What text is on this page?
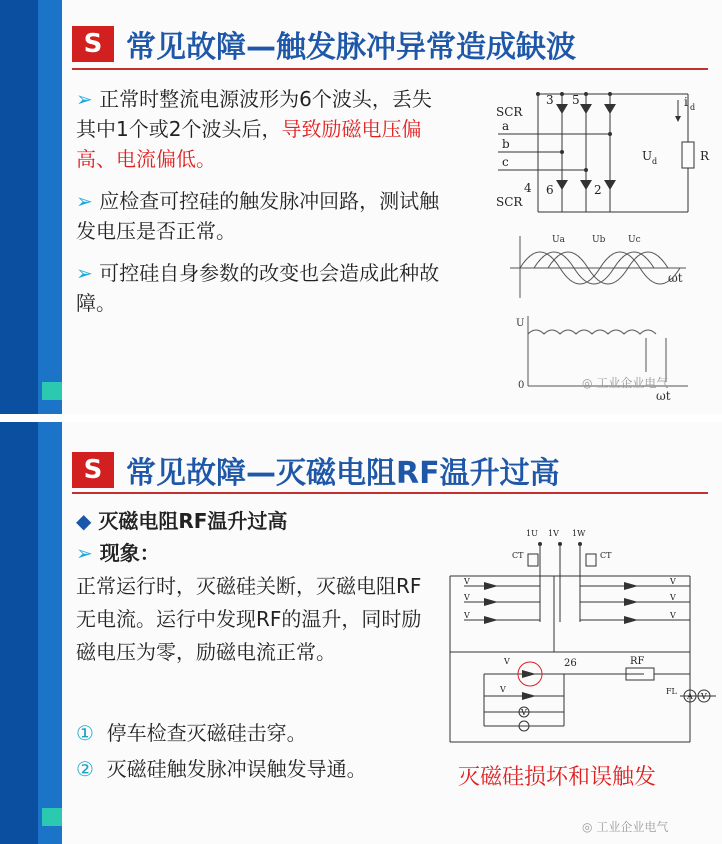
S 常见故障—触发脉冲异常造成缺波
➢ 正常时整流电源波形为6个波头，丢失其中1个或2个波头后，导致励磁电压偏高、电流偏低。
➢ 应检查可控硅的触发脉冲回路，测试触发电压是否正常。
➢ 可控硅自身参数的改变也会造成此种故障。
SCR
3 5
a
b
c
SCR
4 6	2
i d
U d	R
Ua	Ub	Uc
ωt
U
0
ωt
◎ 工业企业电气
S 常见故障—灭磁电阻RF温升过高
◆ 灭磁电阻RF温升过高
➢ 现象：
正常运行时，灭磁硅关断，灭磁电阻RF无电流。运行中发现RF的温升，同时励磁电压为零，励磁电流正常。
① 停车检查灭磁硅击穿。
② 灭磁硅触发脉冲误触发导通。
1U 1V 1W
CT	CT
V
V
V
V
V
V
V
V
26	RF
FL
A V
V
灭磁硅损坏和误触发
◎ 工业企业电气
